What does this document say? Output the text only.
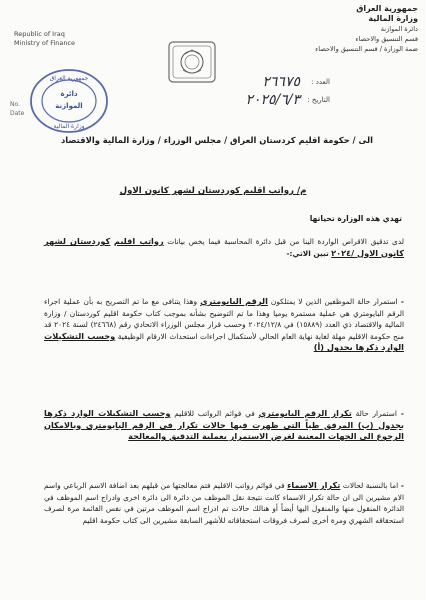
جمهورية العراق
وزارة المالية
دائرة الموازنة
قسم التنسيق والاحصاء
ضمة الوزارة / قسم التنسيق والاحصاء
Republic of Iraq
Ministry of Finance
جمهورية العراق
دائرة
الموازنة
وزارة المالية
العدد :
٢٦٦٧٥
التاريخ :
٢٠٢٥/٦/٣
No.
Date
الى / حكومة اقليم كردستان العراق / مجلس الوزراء / وزارة المالية والاقتصاد
م/ رواتب اقليم كوردستان لشهر كانون الاول
تهدي هذه الوزارة تحياتها
لدى تدقيق الاقراص الواردة الينا من قبل دائرة المحاسبة فيما يخص بيانات رواتب اقليم كوردستان لشهر كانون الاول /٢٠٢٤ تبين الاتي:-
- استمرار حالة الموظفين الذين لا يمتلكون الرقم البايومتري وهذا يتنافى مع ما تم التصريح به بأن عملية اجراء الرقم البايومتري هي عملية مستمرة يوميا وهذا ما تم التوضيح بشأنه بموجب كتاب حكومة اقليم كوردستان / وزارة المالية والاقتصاد ذي العدد (١٥٨٨٩) في ٢٠٢٤/١٢/٨ وحسب قرار مجلس الوزراء الاتحادي رقم (٢٤٦٦٨) لسنة ٢٠٢٤ قد منح حكومة الاقليم مهلة لغاية نهاية العام الحالي لأستكمال اجراءات استحداث الارقام الوظيفية وحسب التشكيلات الوارد ذكرها بجدول (أ)
- استمرار حالة تكرار الرقم البايومتري في قوائم الرواتب للاقليم وحسب التشكيلات الوارد ذكرها بجدول (ب) المرفق طياً التي ظهرت فيها حالات تكرار في الرقم البايومتري وبالامكان الرجوع الى الجهات المعنية لغرض الاستمرار بعملية التدقيق والمعالجة
- اما بالنسبة لحالات تكرار الاسماء في قوائم رواتب الاقليم فتم معالجتها من قبلهم بعد اضافة الاسم الرباعي واسم الام مشيرين الى ان حالة تكرار الاسماء كانت نتيجة نقل الموظف من دائرة الى دائرة اخرى وادراج اسم الموظف في الدائرة المنقول منها والمنقول اليها أيضاً أو هنالك حالات تم ادراج اسم الموظف مرتين في نفس القائمة مرة لصرف استحقاقه الشهري ومرة أخرى لصرف فروقات استحقاقاته للأشهر السابقة مشيرين الى كتاب حكومة اقليم
